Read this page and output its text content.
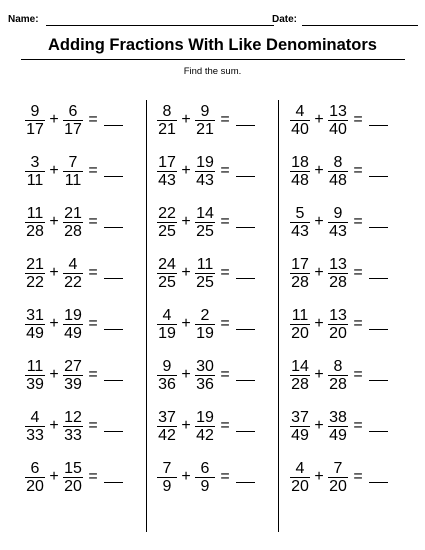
Name:	Date:
Adding Fractions With Like Denominators
Find the sum.
$\frac{9}{17} + \frac{6}{17}$ =
$\frac{3}{11} + \frac{7}{11}$ =
$\frac{11}{28} + \frac{21}{28}$ =
$\frac{21}{22} + \frac{4}{22}$ =
$\frac{31}{49} + \frac{19}{49}$ =
$\frac{11}{39} + \frac{27}{39}$ =
$\frac{4}{33} + \frac{12}{33}$ =
$\frac{6}{20} + \frac{15}{20}$ =
$\frac{8}{21} + \frac{9}{21}$ =
$\frac{17}{43} + \frac{19}{43}$ =
$\frac{22}{25} + \frac{14}{25}$ =
$\frac{24}{25} + \frac{11}{25}$ =
$\frac{4}{19} + \frac{2}{19}$ =
$\frac{9}{36} + \frac{30}{36}$ =
$\frac{37}{42} + \frac{19}{42}$ =
$\frac{7}{9} + \frac{6}{9}$ =
$\frac{4}{40} + \frac{13}{40}$ =
$\frac{18}{48} + \frac{8}{48}$ =
$\frac{5}{43} + \frac{9}{43}$ =
$\frac{17}{28} + \frac{13}{28}$ =
$\frac{11}{20} + \frac{13}{20}$ =
$\frac{14}{28} + \frac{8}{28}$ =
$\frac{37}{49} + \frac{38}{49}$ =
$\frac{4}{20} + \frac{7}{20}$ =
